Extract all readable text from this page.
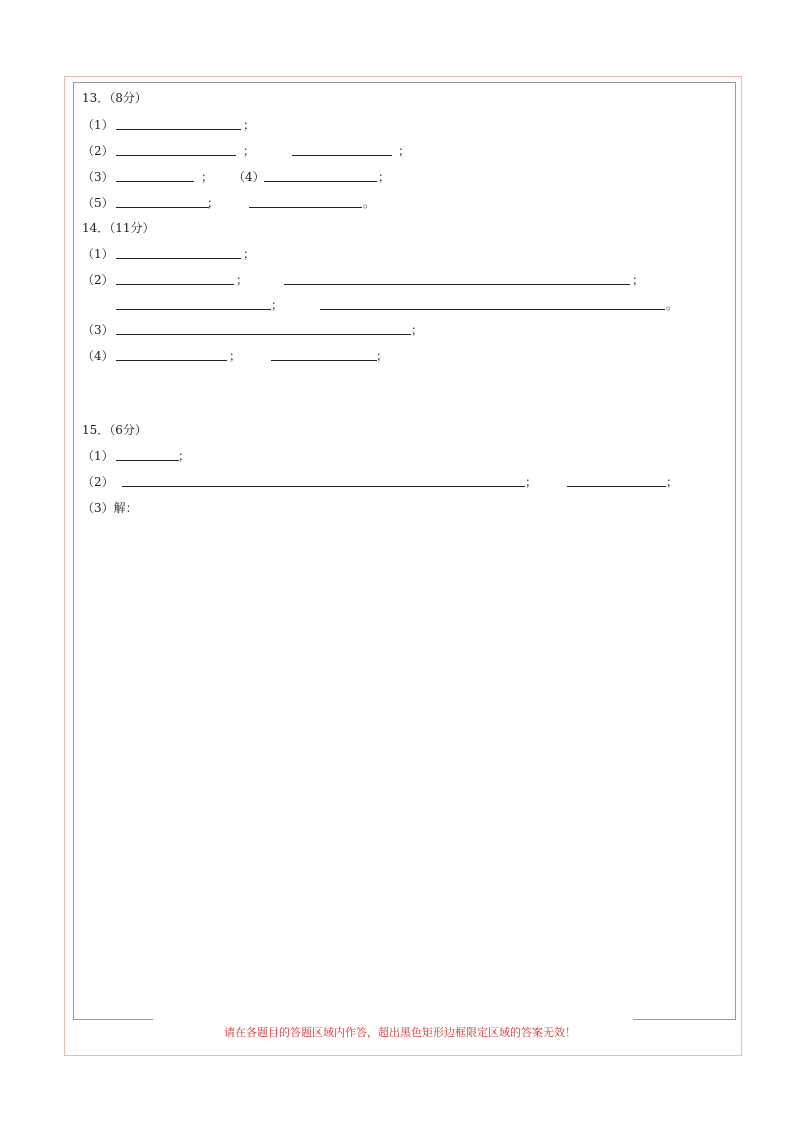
13．（8分）
（1）	；
（2）	；	；
（3）	； （4）	；
（5）	；	。
14．（11分）
（1）	；
（2）	；	；
；	。
（3）	；
（4）	；	；
15．（6分）
（1）	；
（2）	；	；
（3）解：
请在各题目的答题区域内作答，超出黑色矩形边框限定区域的答案无效！
